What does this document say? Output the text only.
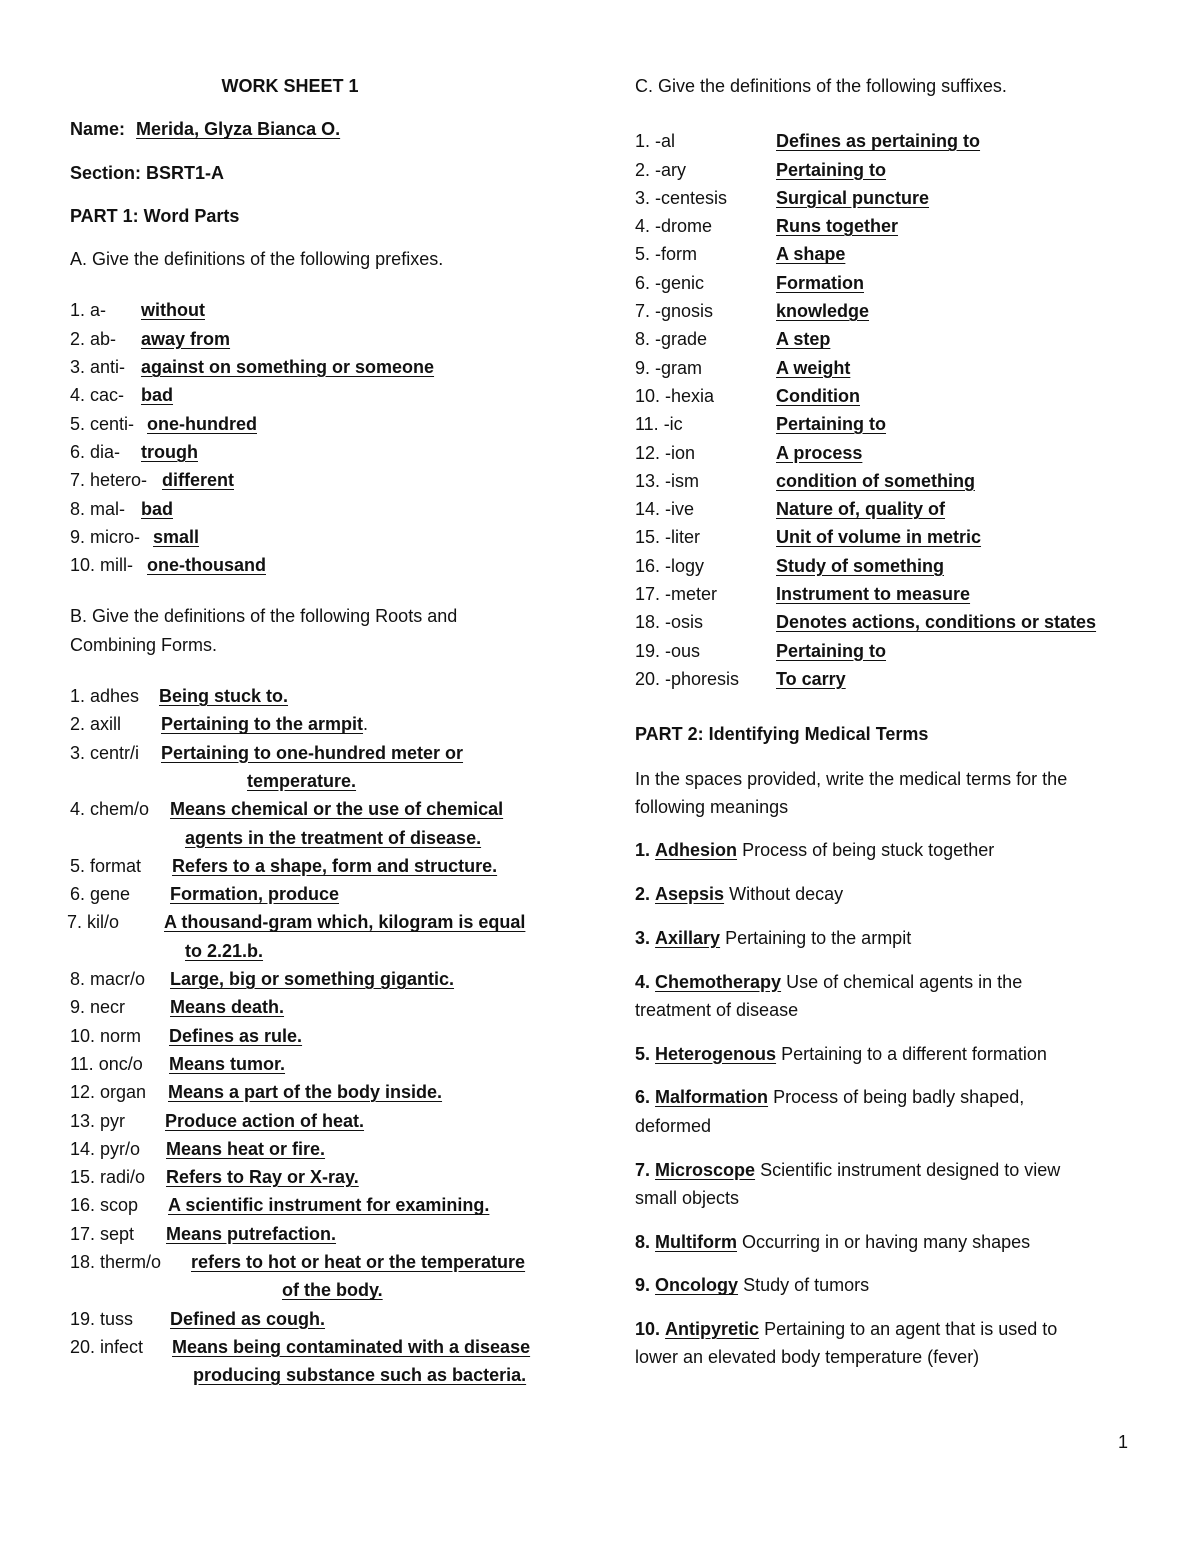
WORK SHEET 1
Name: Merida, Glyza Bianca O.
Section: BSRT1-A
PART 1: Word Parts
A. Give the definitions of the following prefixes.
1. a-	without
2. ab-	away from
3. anti- against on something or someone
4. cac- bad
5. centi- one-hundred
6. dia-	trough
7. hetero- different
8. mal- bad
9. micro- small
10. mill- one-thousand
B. Give the definitions of the following Roots and
Combining Forms.
1. adhes	Being stuck to.
2. axill	Pertaining to the armpit .
3. centr/i	Pertaining to one-hundred meter or
temperature.
4. chem/o	Means chemical or the use of chemical
agents in the treatment of disease.
5. format	Refers to a shape, form and structure.
6. gene	Formation, produce
7. kil/o	A thousand-gram which, kilogram is equal
to 2.21.b.
8. macr/o	Large, big or something gigantic.
9. necr	Means death.
10. norm	Defines as rule.
11. onc/o	Means tumor.
12. organ	Means a part of the body inside.
13. pyr	Produce action of heat.
14. pyr/o	Means heat or fire.
15. radi/o	Refers to Ray or X-ray.
16. scop	A scientific instrument for examining.
17. sept	Means putrefaction.
18. therm/o	refers to hot or heat or the temperature
of the body.
19. tuss	Defined as cough.
20. infect	Means being contaminated with a disease
producing substance such as bacteria.
C. Give the definitions of the following suffixes.
1. -al	Defines as pertaining to
2. -ary	Pertaining to
3. -centesis	Surgical puncture
4. -drome	Runs together
5. -form	A shape
6. -genic	Formation
7. -gnosis	knowledge
8. -grade	A step
9. -gram	A weight
10. -hexia	Condition
11. -ic	Pertaining to
12. -ion	A process
13. -ism	condition of something
14. -ive	Nature of, quality of
15. -liter	Unit of volume in metric
16. -logy	Study of something
17. -meter	Instrument to measure
18. -osis	Denotes actions, conditions or states
19. -ous	Pertaining to
20. -phoresis	To carry
PART 2: Identifying Medical Terms
In the spaces provided, write the medical terms for the
following meanings
1. Adhesion Process of being stuck together
2. Asepsis Without decay
3. Axillary Pertaining to the armpit
4. Chemotherapy Use of chemical agents in the
treatment of disease
5. Heterogenous Pertaining to a different formation
6. Malformation Process of being badly shaped,
deformed
7. Microscope Scientific instrument designed to view
small objects
8. Multiform Occurring in or having many shapes
9. Oncology Study of tumors
10. Antipyretic Pertaining to an agent that is used to
lower an elevated body temperature (fever)
1
